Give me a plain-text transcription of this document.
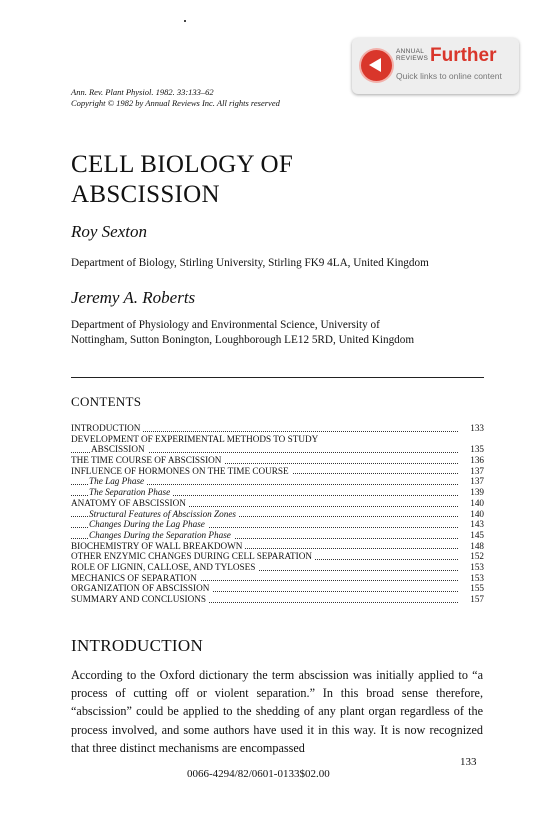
ANNUAL
REVIEWS Further
Quick links to online content
Ann. Rev. Plant Physiol. 1982. 33:133–62
Copyright © 1982 by Annual Reviews Inc. All rights reserved
CELL BIOLOGY OF
ABSCISSION
Roy Sexton
Department of Biology, Stirling University, Stirling FK9 4LA, United Kingdom
Jeremy A. Roberts
Department of Physiology and Environmental Science, University of
Nottingham, Sutton Bonington, Loughborough LE12 5RD, United Kingdom
CONTENTS
INTRODUCTION	133
DEVELOPMENT OF EXPERIMENTAL METHODS TO STUDY
ABSCISSION	135
THE TIME COURSE OF ABSCISSION	136
INFLUENCE OF HORMONES ON THE TIME COURSE	137
The Lag Phase	137
The Separation Phase	139
ANATOMY OF ABSCISSION	140
Structural Features of Abscission Zones	140
Changes During the Lag Phase	143
Changes During the Separation Phase	145
BIOCHEMISTRY OF WALL BREAKDOWN	148
OTHER ENZYMIC CHANGES DURING CELL SEPARATION	152
ROLE OF LIGNIN, CALLOSE, AND TYLOSES	153
MECHANICS OF SEPARATION	153
ORGANIZATION OF ABSCISSION	155
SUMMARY AND CONCLUSIONS	157
INTRODUCTION
According to the Oxford dictionary the term abscission was initially applied to “a process of cutting off or violent separation.” In this broad sense therefore, “abscission” could be applied to the shedding of any plant organ regardless of the process involved, and some authors have used it in this way. It is now recognized that three distinct mechanisms are encompassed
133
0066-4294/82/0601-0133$02.00
